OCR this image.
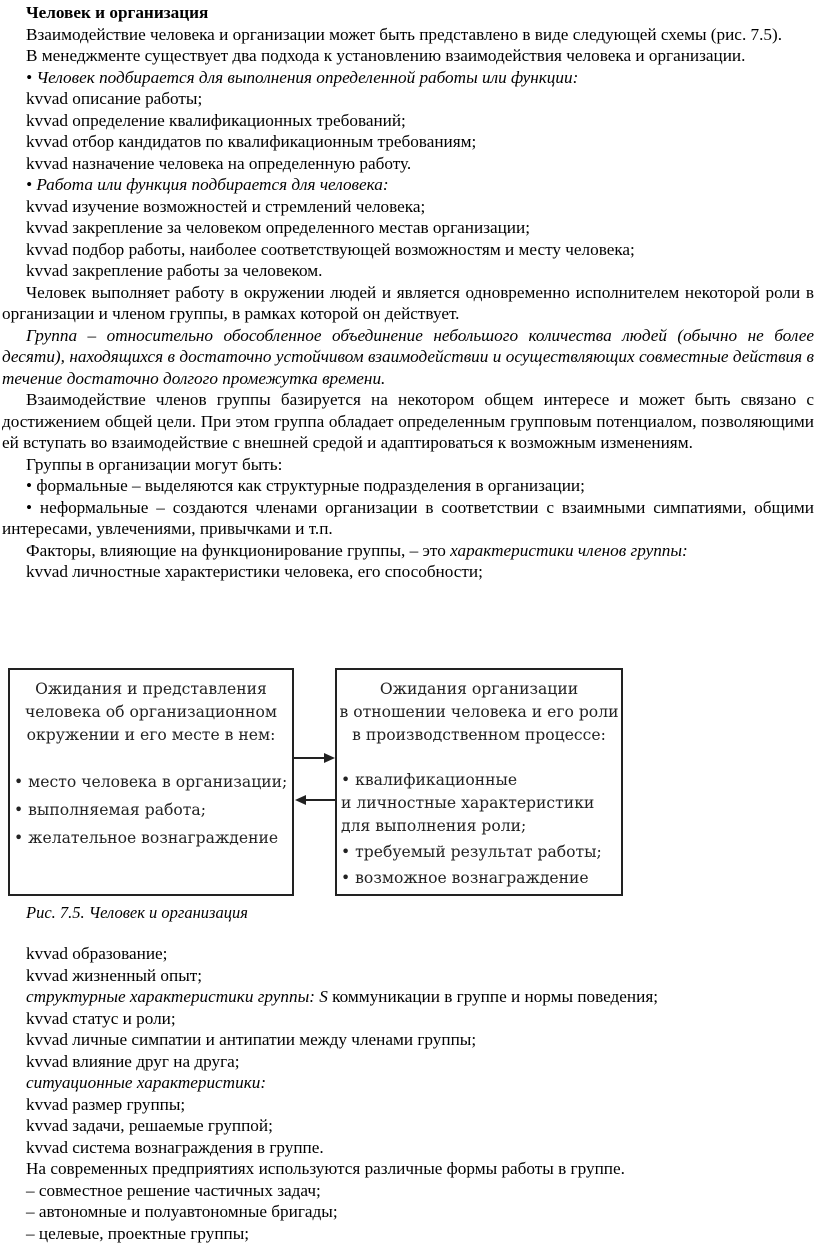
Человек и организация

Взаимодействие человека и организации может быть представлено в виде следующей схемы (рис. 7.5).

В менеджменте существует два подхода к установлению взаимодействия человека и организации.

• Человек подбирается для выполнения определенной работы или функции:

kvvad описание работы;

kvvad определение квалификационных требований;

kvvad отбор кандидатов по квалификационным требованиям;

kvvad назначение человека на определенную работу.

• Работа или функция подбирается для человека:

kvvad изучение возможностей и стремлений человека;

kvvad закрепление за человеком определенного местав организации;

kvvad подбор работы, наиболее соответствующей возможностям и месту человека;

kvvad закрепление работы за человеком.

Человек выполняет работу в окружении людей и является одновременно исполнителем некоторой роли в организации и членом группы, в рамках которой он действует.

Группа – относительно обособленное объединение небольшого количества людей (обычно не более десяти), находящихся в достаточно устойчивом взаимодействии и осуществляющих совместные действия в течение достаточно долгого промежутка времени.

Взаимодействие членов группы базируется на некотором общем интересе и может быть связано с достижением общей цели. При этом группа обладает определенным групповым потенциалом, позволяющими ей вступать во взаимодействие с внешней средой и адаптироваться к возможным изменениям.

Группы в организации могут быть:

• формальные – выделяются как структурные подразделения в организации;

• неформальные – создаются членами организации в соответствии с взаимными симпатиями, общими интересами, увлечениями, привычками и т.п.

Факторы, влияющие на функционирование группы, – это характеристики членов группы:

kvvad личностные характеристики человека, его способности;

Ожидания и представления
человека об организационном
окружении и его месте в нем:
• место человека в организации;
• выполняемая работа;
• желательное вознаграждение
Ожидания организации
в отношении человека и его роли
в производственном процессе:
• квалификационные
и личностные характеристики
для выполнения роли;
• требуемый результат работы;
• возможное вознаграждение
Рис. 7.5. Человек и организация

kvvad образование;

kvvad жизненный опыт;

структурные характеристики группы: S коммуникации в группе и нормы поведения;

kvvad статус и роли;

kvvad личные симпатии и антипатии между членами группы;

kvvad влияние друг на друга;

ситуационные характеристики:

kvvad размер группы;

kvvad задачи, решаемые группой;

kvvad система вознаграждения в группе.

На современных предприятиях используются различные формы работы в группе.

– совместное решение частичных задач;

– автономные и полуавтономные бригады;

– целевые, проектные группы;
